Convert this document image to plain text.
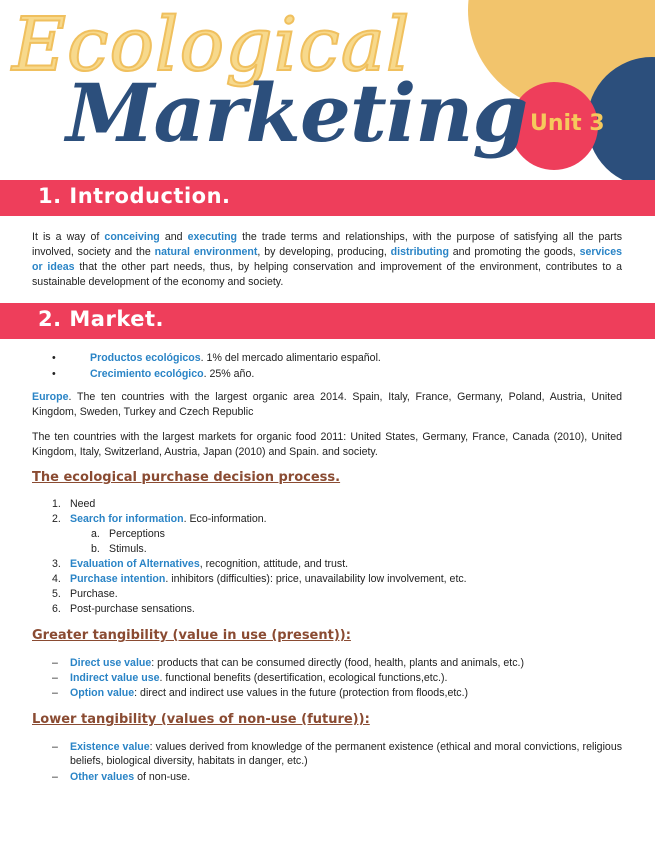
Unit 3
Ecological
Marketing
1. Introduction.
It is a way of conceiving and executing the trade terms and relationships, with the purpose of satisfying all the parts involved, society and the natural environment, by developing, producing, distributing and promoting the goods, services or ideas that the other part needs, thus, by helping conservation and improvement of the environment, contributes to a sustainable development of the economy and society.
2. Market.
•	Productos ecológicos. 1% del mercado alimentario español.
•	Crecimiento ecológico. 25% año.
Europe. The ten countries with the largest organic area 2014. Spain, Italy, France, Germany, Poland, Austria, United Kingdom, Sweden, Turkey and Czech Republic
The ten countries with the largest markets for organic food 2011: United States, Germany, France, Canada (2010), United Kingdom, Italy, Switzerland, Austria, Japan (2010) and Spain. and society.
The ecological purchase decision process.
1. Need
2. Search for information. Eco-information.
a. Perceptions
b. Stimuls.
3. Evaluation of Alternatives, recognition, attitude, and trust.
4. Purchase intention. inhibitors (difficulties): price, unavailability low involvement, etc.
5. Purchase.
6. Post-purchase sensations.
Greater tangibility (value in use (present)):
– Direct use value: products that can be consumed directly (food, health, plants and animals, etc.)
– Indirect value use. functional benefits (desertification, ecological functions,etc.).
– Option value: direct and indirect use values in the future (protection from floods,etc.)
Lower tangibility (values of non-use (future)):
– Existence value: values derived from knowledge of the permanent existence (ethical and moral convictions, religious beliefs, biological diversity, habitats in danger, etc.)
– Other values of non-use.
